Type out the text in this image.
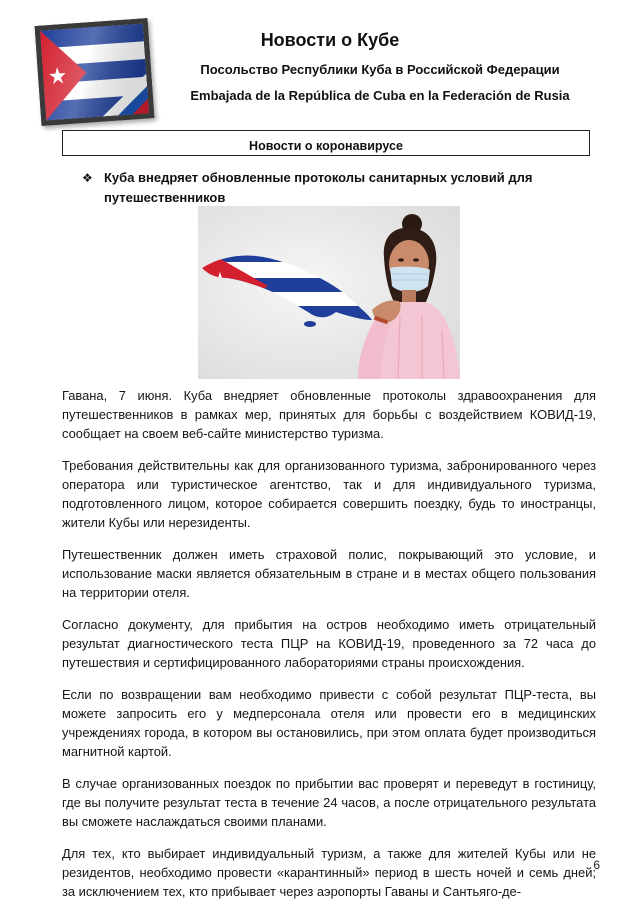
Новости о Кубе
Посольство Республики Куба в Российской Федерации
Embajada de la República de Cuba en la Federación de Rusia
Новости о коронавирусе
❖ Куба внедряет обновленные протоколы санитарных условий для
путешественников

Гавана, 7 июня. Куба внедряет обновленные протоколы здравоохранения для путешественников в рамках мер, принятых для борьбы с воздействием КОВИД-19, сообщает на своем веб-сайте министерство туризма.

Требования действительны как для организованного туризма, забронированного через оператора или туристическое агентство, так и для индивидуального туризма, подготовленного лицом, которое собирается совершить поездку, будь то иностранцы, жители Кубы или нерезиденты.

Путешественник должен иметь страховой полис, покрывающий это условие, и использование маски является обязательным в стране и в местах общего пользования на территории отеля.

Согласно документу, для прибытия на остров необходимо иметь отрицательный результат диагностического теста ПЦР на КОВИД-19, проведенного за 72 часа до путешествия и сертифицированного лабораториями страны происхождения.

Если по возвращении вам необходимо привести с собой результат ПЦР-теста, вы можете запросить его у медперсонала отеля или провести его в медицинских учреждениях города, в котором вы остановились, при этом оплата будет производиться магнитной картой.

В случае организованных поездок по прибытии вас проверят и переведут в гостиницу, где вы получите результат теста в течение 24 часов, а после отрицательного результата вы сможете наслаждаться своими планами.

Для тех, кто выбирает индивидуальный туризм, а также для жителей Кубы или не резидентов, необходимо провести «карантинный» период в шесть ночей и семь дней; за исключением тех, кто прибывает через аэропорты Гаваны и Сантьяго-де-

6
